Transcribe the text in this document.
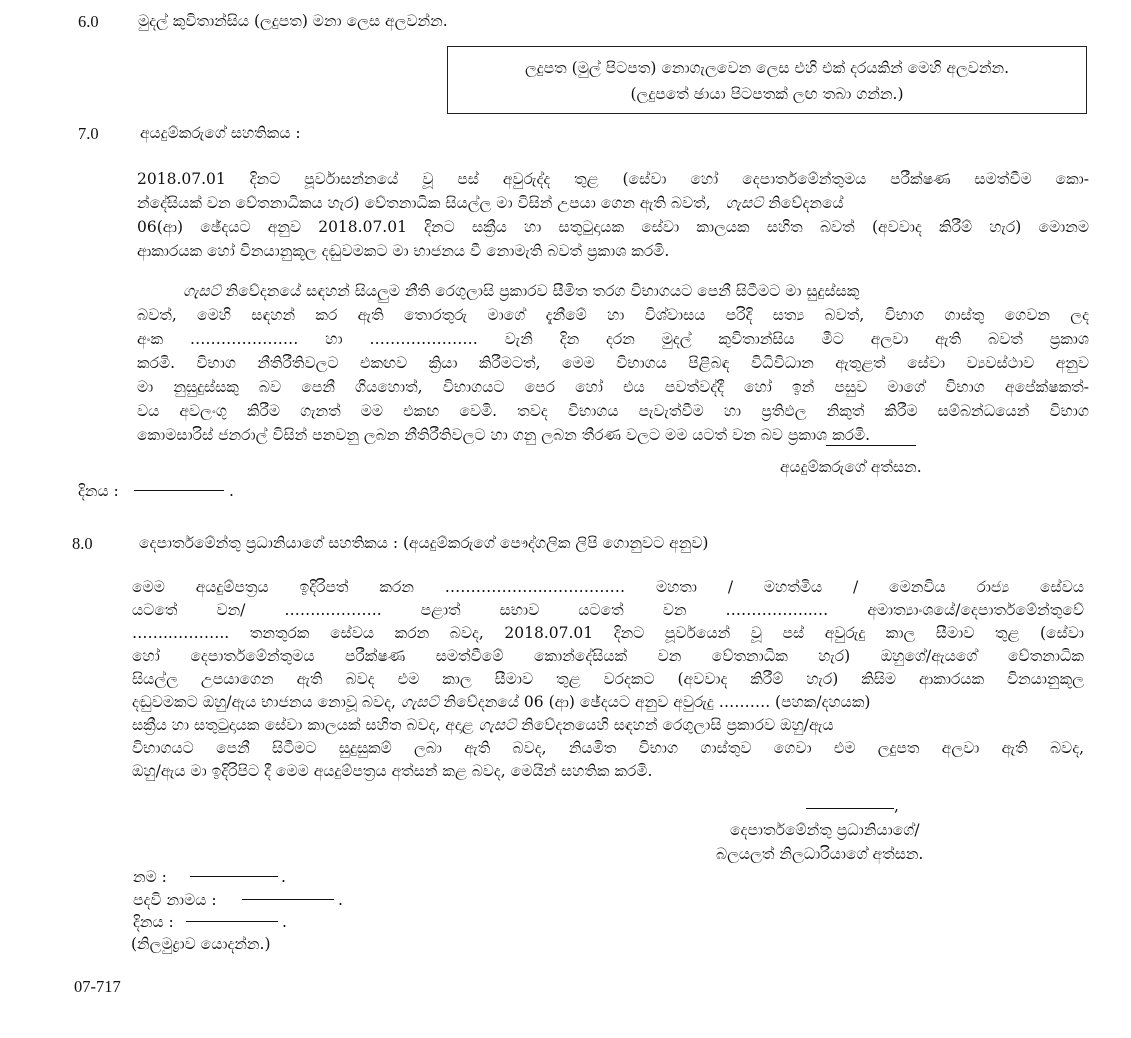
6.0	මුදල් කුවිතාන්සිය (ලදුපත) මනා ලෙස අලවන්න.
ලදුපත (මුල් පිටපත) නොගැලවෙන ලෙස එහි එක් දරයකින් මෙහි අලවන්න.
(ලදුපතේ ඡායා පිටපතක් ලඟ තබා ගන්න.)
7.0	අයදුම්කරුගේ සහතිකය :
2018.07.01 දිනට පූර්වාසන්නයේ වූ පස් අවුරුද්ද තුළ (සේවා හෝ දෙපාර්තමේන්තුමය පරීක්ෂණ සමත්වීම කො-
න්දේසියක් වන වේතනාධිකය හැර) වේතනාධික සියල්ල මා විසින් උපයා ගෙන ඇති බවත්, ගැසට් නිවේදනයේ
06(ආ) ඡේදයට අනුව 2018.07.01 දිනට සක්‍රීය හා සතුටුදායක සේවා කාලයක සහිත බවත් (අවවාද කිරීම් හැර) මොනම
ආකාරයක හෝ විනයානුකූල දඬුවමකට මා භාජනය වී නොමැති බවත් ප්‍රකාශ කරමි.
ගැසට් නිවේදනයේ සඳහන් සියලුම නීති රෙගුලාසි ප්‍රකාරව සීමිත තරග විභාගයට පෙනී සිටීමට මා සුදුස්සකු
බවත්, මෙහි සඳහන් කර ඇති තොරතුරු මාගේ දැනීමේ හා විශ්වාසය පරිදි සත්‍ය බවත්, විභාග ගාස්තු ගෙවන ලද
අංක ………………… හා ………………… වැනි දින දරන මුදල් කුවිතාන්සිය මීට අලවා ඇති බවත් ප්‍රකාශ
කරමි. විභාග නීතිරීතිවලට එකඟව ක්‍රියා කිරීමටත්, මෙම විභාගය පිළිබඳ විධිවිධාන ඇතුළත් සේවා ව්‍යවස්ථාව අනුව
මා නුසුදුස්සකු බව පෙනී ගියහොත්, විභාගයට පෙර හෝ එය පවත්වද්දී හෝ ඉන් පසුව මාගේ විභාග අපේක්ෂකත්-
වය අවලංගු කිරීම ගැනත් මම එකඟ වෙමි. තවද විභාගය පැවැත්වීම හා ප්‍රතිඵල නිකුත් කිරීම සම්බන්ධයෙන් විභාග
කොමසාරිස් ජනරාල් විසින් පනවනු ලබන නීතිරීතිවලට හා ගනු ලබන තීරණ වලට මම යටත් වන බව ප්‍රකාශ කරමි.
අයදුම්කරුගේ අත්සන.
දිනය :	.
8.0	දෙපාර්තමේන්තු ප්‍රධානියාගේ සහතිකය : (අයදුම්කරුගේ පෞද්ගලික ලිපි ගොනුවට අනුව)
මෙම අයදුම්පත්‍රය ඉදිරිපත් කරන ………………..…………… මහතා / මහත්මිය / මෙනවිය රාජ්‍ය සේවය
යටතේ වන/ ……..……….. පළාත් සභාව යටතේ වන ……………..… අමාත්‍යාංශයේ/දෙපාර්තමේන්තුවේ
……..……….. තනතුරක සේවය කරන බවද, 2018.07.01 දිනට පූර්වයෙන් වූ පස් අවුරුදු කාල සීමාව තුළ (සේවා
හෝ දෙපාර්තමේන්තුමය පරීක්ෂණ සමත්වීමේ කොන්දේසියක් වන වේතනාධික හැර) ඔහුගේ/ඇයගේ වේතනාධික
සියල්ල උපයාගෙන ඇති බවද එම කාල සීමාව තුළ වරදකට (අවවාද කිරීම් හැර) කිසිම ආකාරයක විනයානුකූල
දඬුවමකට ඔහු/ඇය භාජනය නොවූ බවද, ගැසට් නිවේදනයේ 06 (ආ) ඡේදයට අනුව අවුරුදු ………. (පහක/දහයක)
සක්‍රීය හා සතුටුදායක සේවා කාලයක් සහිත බවද, අදාළ ගැසට් නිවේදනයෙහි සඳහන් රෙගුලාසි ප්‍රකාරව ඔහු/ඇය
විභාගයට පෙනී සිටීමට සුදුසුකම් ලබා ඇති බවද, නියමිත විභාග ගාස්තුව ගෙවා එම ලදුපත අලවා ඇති බවද,
ඔහු/ඇය මා ඉදිරිපිට දී මෙම අයදුම්පත්‍රය අත්සන් කළ බවද, මෙයින් සහතික කරමි.
,
දෙපාර්තමේන්තු ප්‍රධානියාගේ/
බලයලත් නිලධාරියාගේ අත්සන.
නම :	.
පදවි නාමය :	.
දිනය :	.
(නිලමුද්‍රාව යොදන්න.)
07-717
